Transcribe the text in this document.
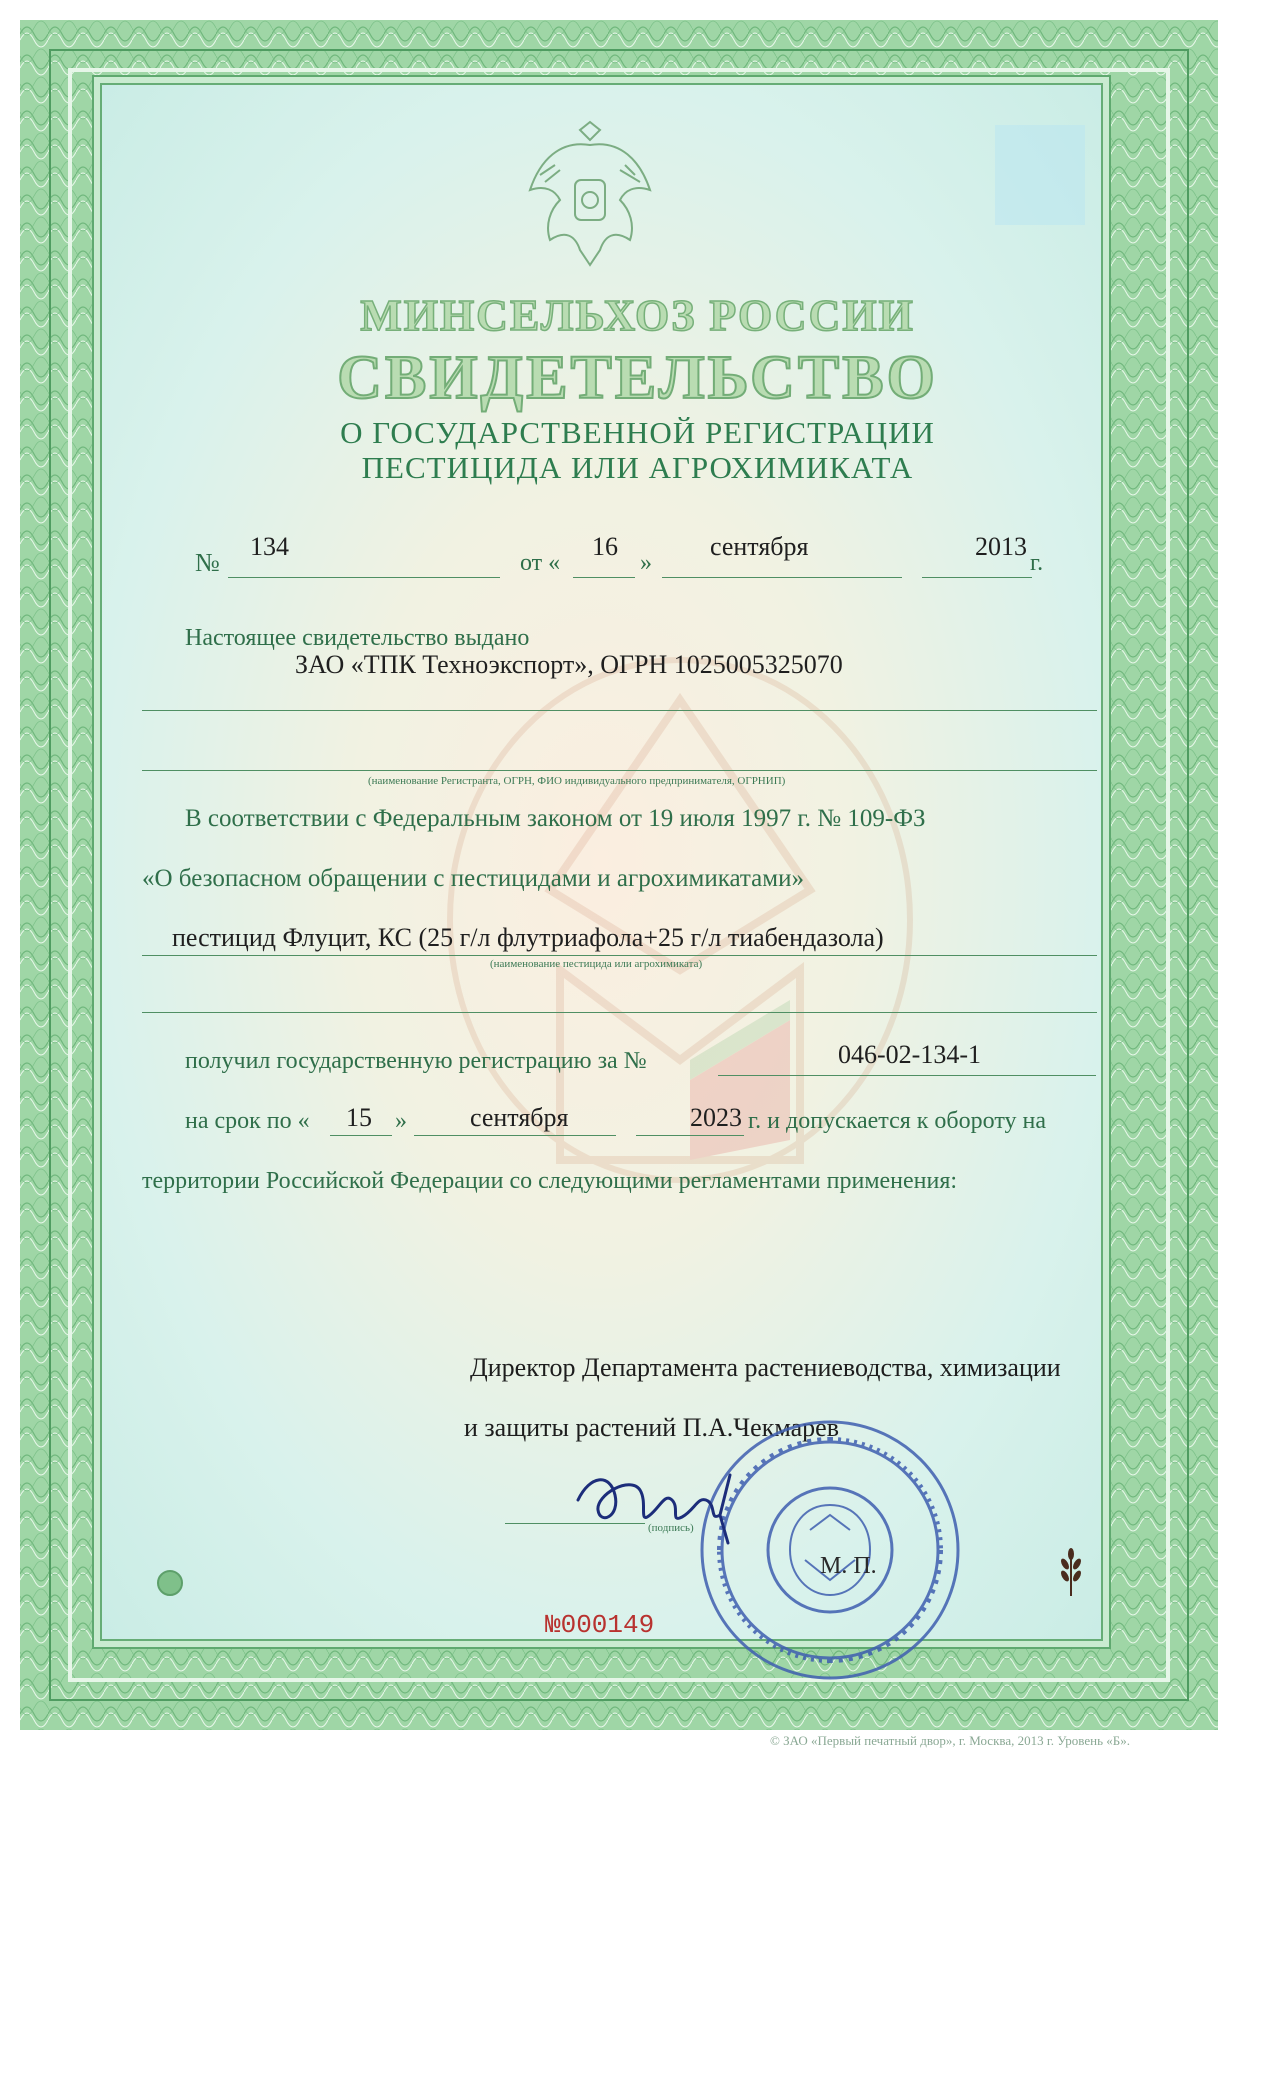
МИНСЕЛЬХОЗ РОССИИ
СВИДЕТЕЛЬСТВО
О ГОСУДАРСТВЕННОЙ РЕГИСТРАЦИИ
ПЕСТИЦИДА ИЛИ АГРОХИМИКАТА
№
134
от «
16
»
сентября	2013
г.
Настоящее свидетельство выдано
ЗАО «ТПК Техноэкспорт», ОГРН 1025005325070
(наименование Регистранта, ОГРН, ФИО индивидуального предпринимателя, ОГРНИП)
В соответствии с Федеральным законом от 19 июля 1997 г. № 109-ФЗ
«О безопасном обращении с пестицидами и агрохимикатами»
пестицид Флуцит, КС (25 г/л флутриафола+25 г/л тиабендазола)
(наименование пестицида или агрохимиката)
получил государственную регистрацию за №	046-02-134-1
на срок по « 15 » сентября	2023 г. и допускается к обороту на
территории Российской Федерации со следующими регламентами применения:
Директор Департамента растениеводства, химизации
и защиты растений П.А.Чекмарев
(подпись)
М. П.
№000149
© ЗАО «Первый печатный двор», г. Москва, 2013 г. Уровень «Б».
